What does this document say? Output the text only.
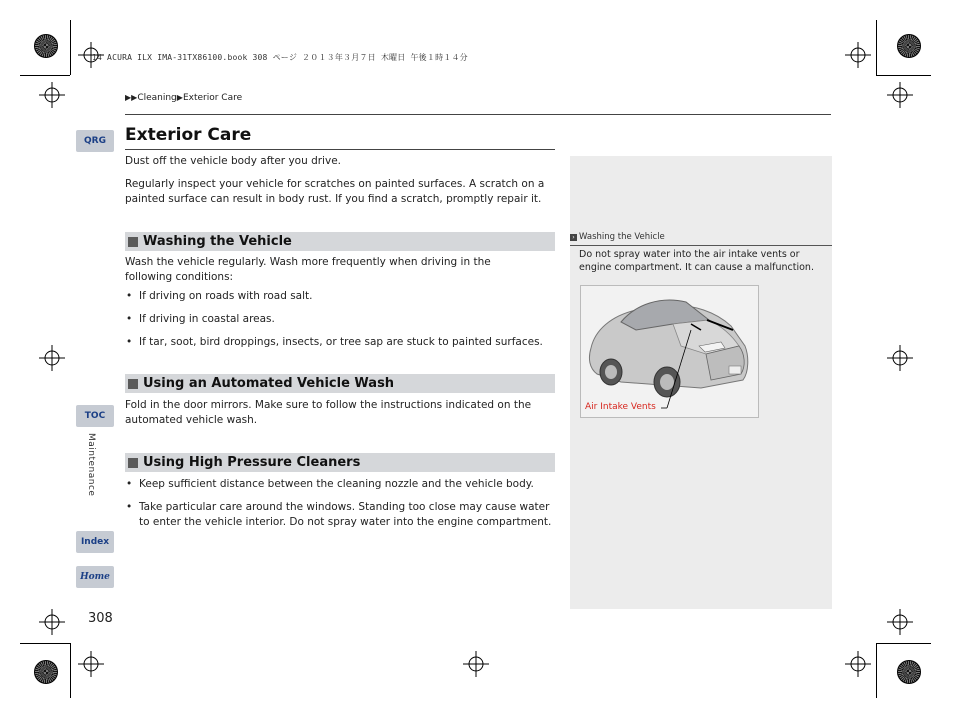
14 ACURA ILX IMA-31TX86100.book 308 ページ ２０１３年３月７日 木曜日 午後１時１４分
▶▶Cleaning▶Exterior Care
QRG
TOC
Maintenance
Index
Home
308
Exterior Care
Dust off the vehicle body after you drive.
Regularly inspect your vehicle for scratches on painted surfaces. A scratch on a painted surface can result in body rust. If you find a scratch, promptly repair it.
Washing the Vehicle
Wash the vehicle regularly. Wash more frequently when driving in the following conditions:
• If driving on roads with road salt.
• If driving in coastal areas.
• If tar, soot, bird droppings, insects, or tree sap are stuck to painted surfaces.
Using an Automated Vehicle Wash
Fold in the door mirrors. Make sure to follow the instructions indicated on the automated vehicle wash.
Using High Pressure Cleaners
• Keep sufficient distance between the cleaning nozzle and the vehicle body.
• Take particular care around the windows. Standing too close may cause water to enter the vehicle interior. Do not spray water into the engine compartment.
› Washing the Vehicle
Do not spray water into the air intake vents or engine compartment. It can cause a malfunction.
Air Intake Vents
